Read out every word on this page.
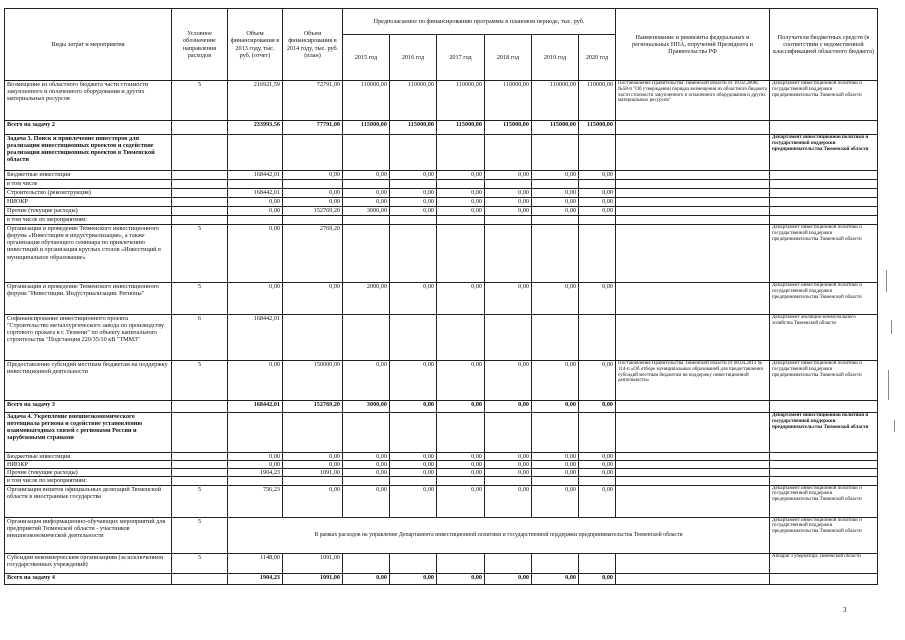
Виды затрат и мероприятия	Условное обозначение направления расходов	Объем финансирования в 2013 году, тыс. руб. (отчет)	Объем финансирования в 2014 году, тыс. руб. (план)	Предполагаемое по финансированию программы в плановом периоде, тыс. руб.						Наименование и реквизиты федеральных и региональных НПА, поручений Президента и Правительства РФ	Получатели бюджетных средств (в соответствии с ведомственной классификацией областного бюджета)
				2015 год	2016 год	2017 год	2018 год	2019 год	2020 год		
Возмещение из областного бюджета части стоимости закупленного и оплаченного оборудования и других материальных ресурсов	5	216921,59	72791,00	110000,00	110000,00	110000,00	110000,00	110000,00	110000,00	Постановление Правительства Тюменской области от 18.02.2008г. №58-п "Об утверждении порядка возмещения из областного бюджета части стоимости закупленного и оплаченного оборудования и других материальных ресурсов"	Департамент инвестиционной политики и государственной поддержки предпринимательства Тюменской области
Всего на задачу 2		233993,56	77791,00	115000,00	115000,00	115000,00	115000,00	115000,00	115000,00		
Задача 3. Поиск и привлечение инвесторов для реализации инвестиционных проектов и содействие реализации инвестиционных проектов в Тюменской области											Департамент инвестиционной политики и государственной поддержки предпринимательства Тюменской области
Бюджетные инвестиции		168442,01	0,00	0,00	0,00	0,00	0,00	0,00	0,00		
в том числе											
Строительство (реконструкция)		168442,01	0,00	0,00	0,00	0,00	0,00	0,00	0,00		
НИОКР		0,00	0,00	0,00	0,00	0,00	0,00	0,00	0,00		
Прочие (текущие расходы)		0,00	152769,20	3000,00	0,00	0,00	0,00	0,00	0,00		
в том числе по мероприятиям:											
Организация и проведение Тюменского инвестиционного форума «Инвестиции и индустриализация», а также организация обучающего семинара по привлечению инвестиций и организация круглых столов «Инвестиций в муниципальное образование»	5	0,00	2769,20								Департамент инвестиционной политики и государственной поддержки предпринимательства Тюменской области
Организация и проведение Тюменского инвестиционного форума "Инвестиции. Индустриализация. Регионы"	5	0,00	0,00	2000,00	0,00	0,00	0,00	0,00	0,00		Департамент инвестиционной политики и государственной поддержки предпринимательства Тюменской области
Софинансирование инвестиционного проекта "Строительство металлургического завода по производству сортового проката в г. Тюмени" по объекту капитального строительства "Подстанция 220/35/10 кВ "ТММЗ"	6	168442,01									Департамент жилищно-коммунального хозяйства Тюменской области
Предоставление субсидий местным бюджетам на поддержку инвестиционной деятельности	5	0,00	150000,00	0,00	0,00	0,00	0,00	0,00	0,00	Постановление Правительства Тюменской области от 08.04.2013 № 114-п «Об отборе муниципальных образований для предоставления субсидий местным бюджетам на поддержку инвестиционной деятельности»	Департамент инвестиционной политики и государственной поддержки предпринимательства Тюменской области
Всего на задачу 3		168442,01	152769,20	3000,00	0,00	0,00	0,00	0,00	0,00		
Задача 4. Укрепление внешнеэкономического потенциала региона и содействие установлению взаимовыгодных связей с регионами России и зарубежными странами											Департамент инвестиционной политики и государственной поддержки предпринимательства Тюменской области
Бюджетные инвестиции		0,00	0,00	0,00	0,00	0,00	0,00	0,00	0,00		
НИОКР		0,00	0,00	0,00	0,00	0,00	0,00	0,00	0,00		
Прочие (текущие расходы)		1904,23	1091,00	0,00	0,00	0,00	0,00	0,00	0,00		
в том числе по мероприятиям:											
Организация визитов официальных делегаций Тюменской области в иностранные государства	5	756,23	0,00	0,00	0,00	0,00	0,00	0,00	0,00		Департамент инвестиционной политики и государственной поддержки предпринимательства Тюменской области
Организация информационно-обучающих мероприятий для предприятий Тюменской области - участников внешнеэкономической деятельности	5	В рамках расходов на управление Департамента инвестиционной политики и государственной поддержки предпринимательства Тюменской области									Департамент инвестиционной политики и государственной поддержки предпринимательства Тюменской области
Субсидии некоммерческим организациям (за исключением государственных учреждений)	5	1148,00	1091,00								Аппарат Губернатора Тюменской области
Всего на задачу 4		1904,23	1091,00	0,00	0,00	0,00	0,00	0,00	0,00		
3
